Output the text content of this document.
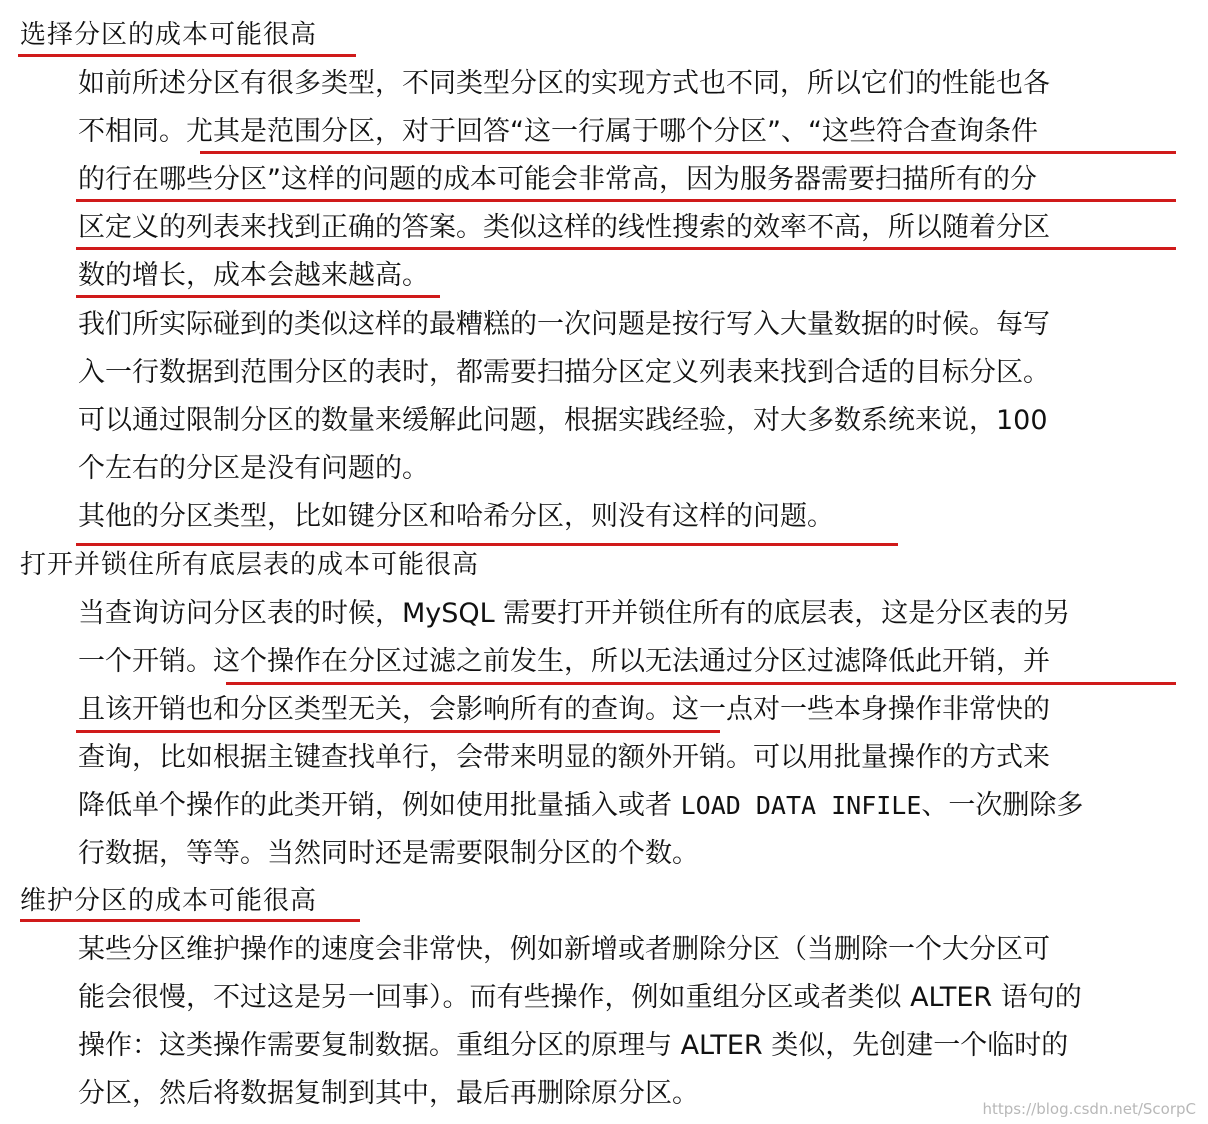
选择分区的成本可能很高
如前所述分区有很多类型，不同类型分区的实现方式也不同，所以它们的性能也各
不相同。尤其是范围分区，对于回答“这一行属于哪个分区”、“这些符合查询条件
的行在哪些分区”这样的问题的成本可能会非常高，因为服务器需要扫描所有的分
区定义的列表来找到正确的答案。类似这样的线性搜索的效率不高，所以随着分区
数的增长，成本会越来越高。
我们所实际碰到的类似这样的最糟糕的一次问题是按行写入大量数据的时候。每写
入一行数据到范围分区的表时，都需要扫描分区定义列表来找到合适的目标分区。
可以通过限制分区的数量来缓解此问题，根据实践经验，对大多数系统来说，100
个左右的分区是没有问题的。
其他的分区类型，比如键分区和哈希分区，则没有这样的问题。
打开并锁住所有底层表的成本可能很高
当查询访问分区表的时候，MySQL 需要打开并锁住所有的底层表，这是分区表的另
一个开销。这个操作在分区过滤之前发生，所以无法通过分区过滤降低此开销，并
且该开销也和分区类型无关，会影响所有的查询。这一点对一些本身操作非常快的
查询，比如根据主键查找单行，会带来明显的额外开销。可以用批量操作的方式来
降低单个操作的此类开销，例如使用批量插入或者 LOAD DATA INFILE、一次删除多
行数据，等等。当然同时还是需要限制分区的个数。
维护分区的成本可能很高
某些分区维护操作的速度会非常快，例如新增或者删除分区（当删除一个大分区可
能会很慢，不过这是另一回事）。而有些操作，例如重组分区或者类似 ALTER 语句的
操作：这类操作需要复制数据。重组分区的原理与 ALTER 类似，先创建一个临时的
分区，然后将数据复制到其中，最后再删除原分区。	https://blog.csdn.net/ScorpC
